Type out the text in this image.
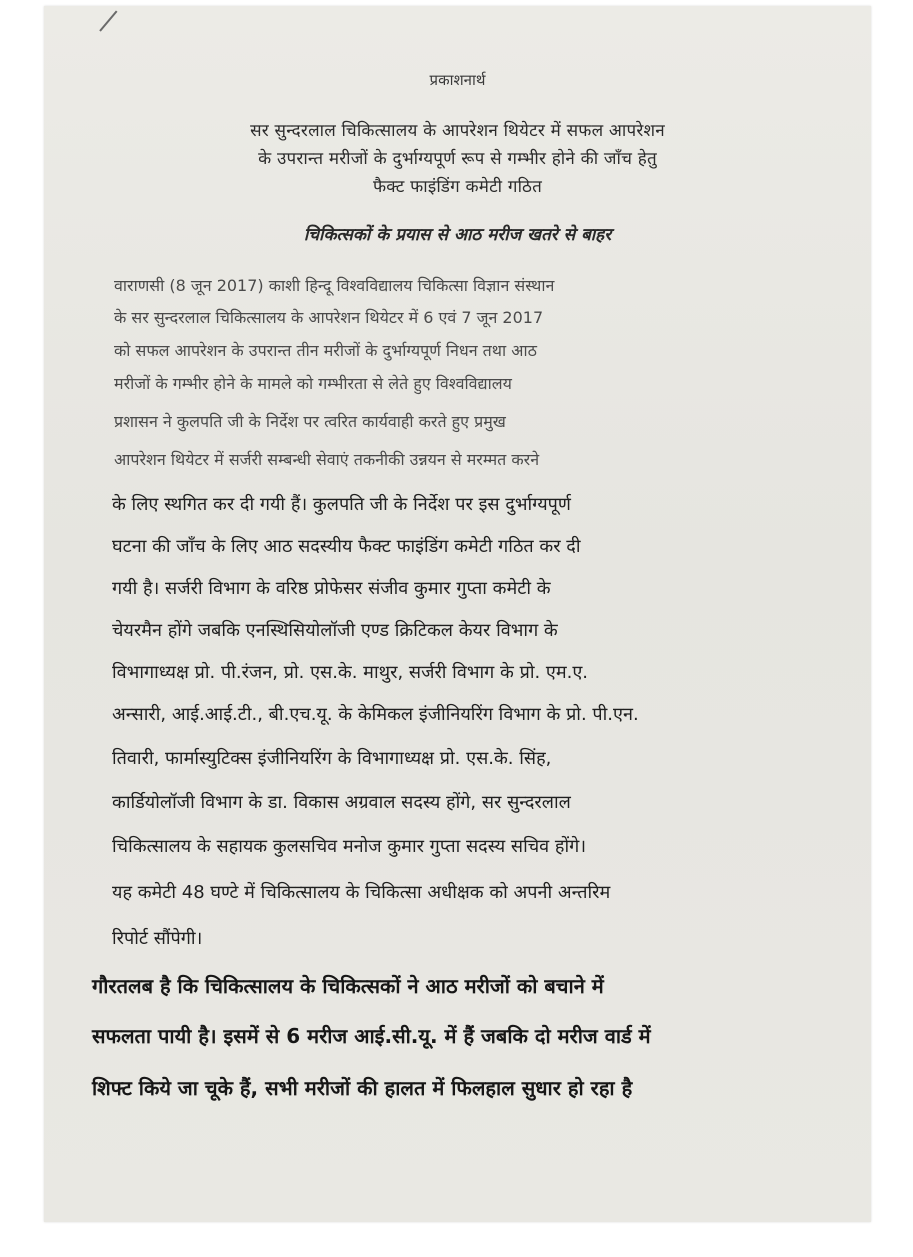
प्रकाशनार्थ
सर सुन्दरलाल चिकित्सालय के आपरेशन थियेटर में सफल आपरेशन
के उपरान्त मरीजों के दुर्भाग्यपूर्ण रूप से गम्भीर होने की जाँच हेतु
फैक्ट फाइंडिंग कमेटी गठित
चिकित्सकों के प्रयास से आठ मरीज खतरे से बाहर
वाराणसी (8 जून 2017) काशी हिन्दू विश्वविद्यालय चिकित्सा विज्ञान संस्थान
के सर सुन्दरलाल चिकित्सालय के आपरेशन थियेटर में 6 एवं 7 जून 2017
को सफल आपरेशन के उपरान्त तीन मरीजों के दुर्भाग्यपूर्ण निधन तथा आठ
मरीजों के गम्भीर होने के मामले को गम्भीरता से लेते हुए विश्वविद्यालय
प्रशासन ने कुलपति जी के निर्देश पर त्वरित कार्यवाही करते हुए प्रमुख
आपरेशन थियेटर में सर्जरी सम्बन्धी सेवाएं तकनीकी उन्नयन से मरम्मत करने
के लिए स्थगित कर दी गयी हैं। कुलपति जी के निर्देश पर इस दुर्भाग्यपूर्ण
घटना की जाँच के लिए आठ सदस्यीय फैक्ट फाइंडिंग कमेटी गठित कर दी
गयी है। सर्जरी विभाग के वरिष्ठ प्रोफेसर संजीव कुमार गुप्ता कमेटी के
चेयरमैन होंगे जबकि एनस्थिसियोलॉजी एण्ड क्रिटिकल केयर विभाग के
विभागाध्यक्ष प्रो. पी.रंजन, प्रो. एस.के. माथुर, सर्जरी विभाग के प्रो. एम.ए.
अन्सारी, आई.आई.टी., बी.एच.यू. के केमिकल इंजीनियरिंग विभाग के प्रो. पी.एन.
तिवारी, फार्मास्युटिक्स इंजीनियरिंग के विभागाध्यक्ष प्रो. एस.के. सिंह,
कार्डियोलॉजी विभाग के डा. विकास अग्रवाल सदस्य होंगे, सर सुन्दरलाल
चिकित्सालय के सहायक कुलसचिव मनोज कुमार गुप्ता सदस्य सचिव होंगे।
यह कमेटी 48 घण्टे में चिकित्सालय के चिकित्सा अधीक्षक को अपनी अन्तरिम
रिपोर्ट सौंपेगी।
गौरतलब है कि चिकित्सालय के चिकित्सकों ने आठ मरीजों को बचाने में
सफलता पायी है। इसमें से 6 मरीज आई.सी.यू. में हैं जबकि दो मरीज वार्ड में
शिफ्ट किये जा चूके हैं, सभी मरीजों की हालत में फिलहाल सुधार हो रहा है
